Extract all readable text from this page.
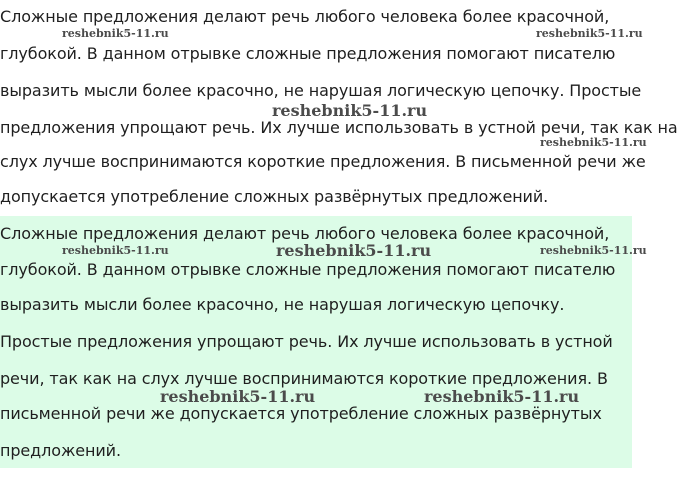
Сложные предложения делают речь любого человека более красочной,
глубокой. В данном отрывке сложные предложения помогают писателю
выразить мысли более красочно, не нарушая логическую цепочку. Простые
предложения упрощают речь. Их лучше использовать в устной речи, так как на
слух лучше воспринимаются короткие предложения. В письменной речи же
допускается употребление сложных развёрнутых предложений.
Сложные предложения делают речь любого человека более красочной,
глубокой. В данном отрывке сложные предложения помогают писателю
выразить мысли более красочно, не нарушая логическую цепочку.
Простые предложения упрощают речь. Их лучше использовать в устной
речи, так как на слух лучше воспринимаются короткие предложения. В
письменной речи же допускается употребление сложных развёрнутых
предложений.
reshebnik5-11.ru	reshebnik5-11.ru
reshebnik5-11.ru
reshebnik5-11.ru
reshebnik5-11.ru	reshebnik5-11.ru	reshebnik5-11.ru
reshebnik5-11.ru	reshebnik5-11.ru
